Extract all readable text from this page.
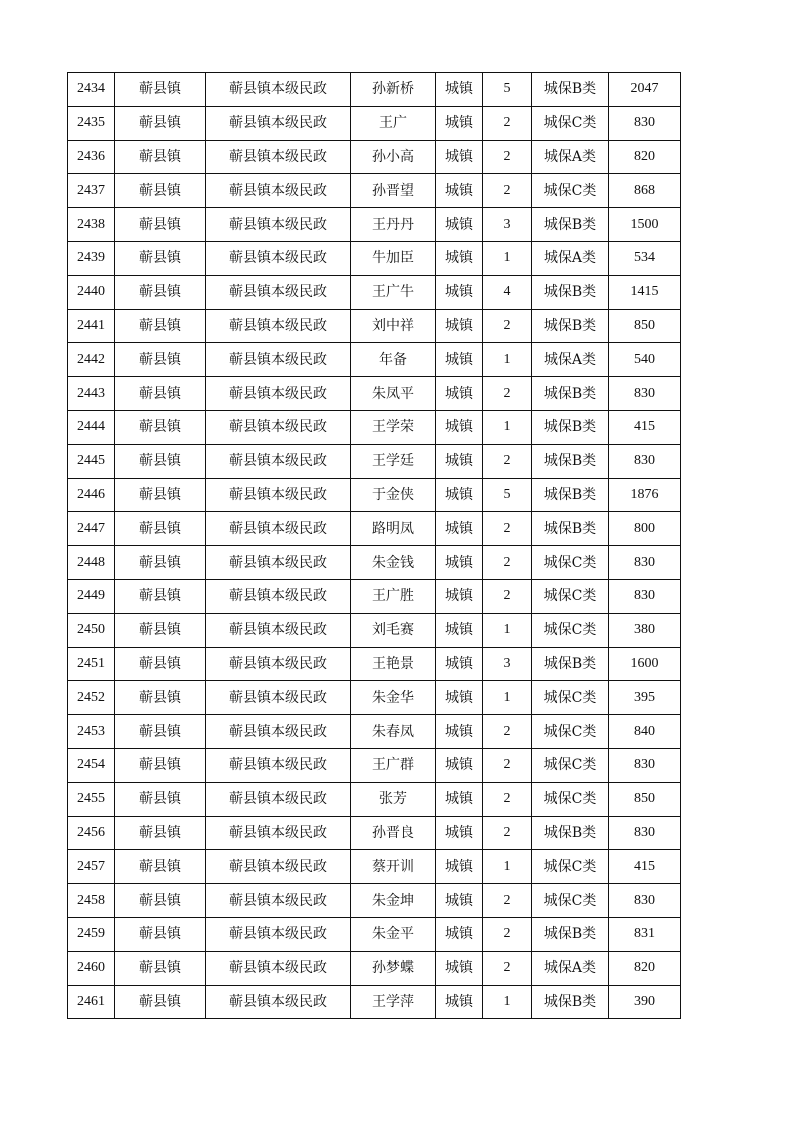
2434	蕲县镇	蕲县镇本级民政	孙新桥	城镇	5	城保B类	2047
2435	蕲县镇	蕲县镇本级民政	王广	城镇	2	城保C类	830
2436	蕲县镇	蕲县镇本级民政	孙小高	城镇	2	城保A类	820
2437	蕲县镇	蕲县镇本级民政	孙晋望	城镇	2	城保C类	868
2438	蕲县镇	蕲县镇本级民政	王丹丹	城镇	3	城保B类	1500
2439	蕲县镇	蕲县镇本级民政	牛加臣	城镇	1	城保A类	534
2440	蕲县镇	蕲县镇本级民政	王广牛	城镇	4	城保B类	1415
2441	蕲县镇	蕲县镇本级民政	刘中祥	城镇	2	城保B类	850
2442	蕲县镇	蕲县镇本级民政	年备	城镇	1	城保A类	540
2443	蕲县镇	蕲县镇本级民政	朱凤平	城镇	2	城保B类	830
2444	蕲县镇	蕲县镇本级民政	王学荣	城镇	1	城保B类	415
2445	蕲县镇	蕲县镇本级民政	王学廷	城镇	2	城保B类	830
2446	蕲县镇	蕲县镇本级民政	于金侠	城镇	5	城保B类	1876
2447	蕲县镇	蕲县镇本级民政	路明凤	城镇	2	城保B类	800
2448	蕲县镇	蕲县镇本级民政	朱金钱	城镇	2	城保C类	830
2449	蕲县镇	蕲县镇本级民政	王广胜	城镇	2	城保C类	830
2450	蕲县镇	蕲县镇本级民政	刘毛赛	城镇	1	城保C类	380
2451	蕲县镇	蕲县镇本级民政	王艳景	城镇	3	城保B类	1600
2452	蕲县镇	蕲县镇本级民政	朱金华	城镇	1	城保C类	395
2453	蕲县镇	蕲县镇本级民政	朱春凤	城镇	2	城保C类	840
2454	蕲县镇	蕲县镇本级民政	王广群	城镇	2	城保C类	830
2455	蕲县镇	蕲县镇本级民政	张芳	城镇	2	城保C类	850
2456	蕲县镇	蕲县镇本级民政	孙晋良	城镇	2	城保B类	830
2457	蕲县镇	蕲县镇本级民政	蔡开训	城镇	1	城保C类	415
2458	蕲县镇	蕲县镇本级民政	朱金坤	城镇	2	城保C类	830
2459	蕲县镇	蕲县镇本级民政	朱金平	城镇	2	城保B类	831
2460	蕲县镇	蕲县镇本级民政	孙梦蝶	城镇	2	城保A类	820
2461	蕲县镇	蕲县镇本级民政	王学萍	城镇	1	城保B类	390
